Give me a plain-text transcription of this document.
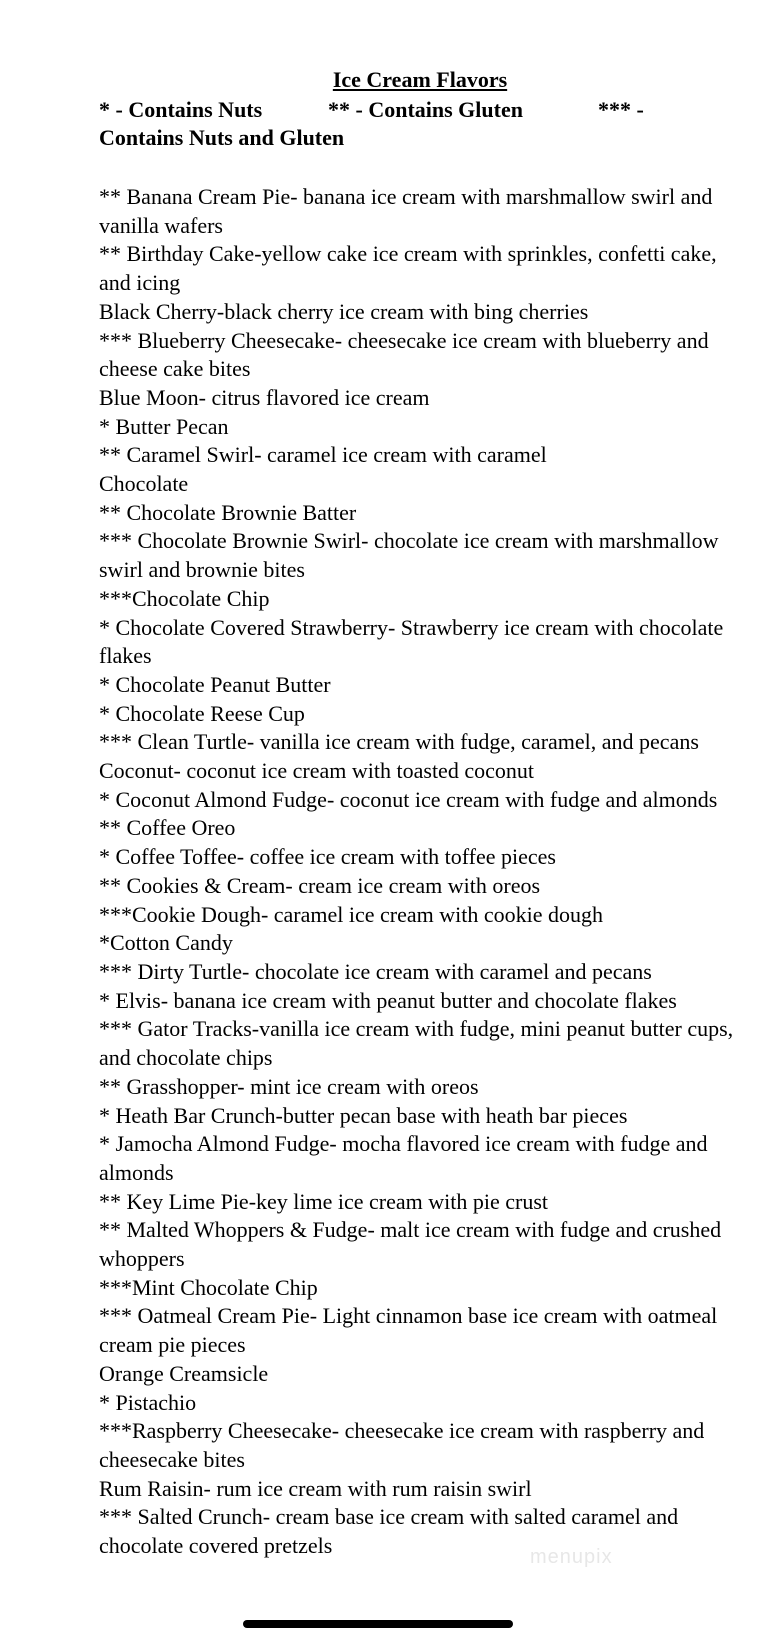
Ice Cream Flavors
* - Contains Nuts	** - Contains Gluten	*** -
Contains Nuts and Gluten
** Banana Cream Pie- banana ice cream with marshmallow swirl and vanilla wafers
** Birthday Cake-yellow cake ice cream with sprinkles, confetti cake, and icing
Black Cherry-black cherry ice cream with bing cherries
*** Blueberry Cheesecake- cheesecake ice cream with blueberry and cheese cake bites
Blue Moon- citrus flavored ice cream
* Butter Pecan
** Caramel Swirl- caramel ice cream with caramel
Chocolate
** Chocolate Brownie Batter
*** Chocolate Brownie Swirl- chocolate ice cream with marshmallow swirl and brownie bites
***Chocolate Chip
* Chocolate Covered Strawberry- Strawberry ice cream with chocolate flakes
* Chocolate Peanut Butter
* Chocolate Reese Cup
*** Clean Turtle- vanilla ice cream with fudge, caramel, and pecans
Coconut- coconut ice cream with toasted coconut
* Coconut Almond Fudge- coconut ice cream with fudge and almonds
** Coffee Oreo
* Coffee Toffee- coffee ice cream with toffee pieces
** Cookies & Cream- cream ice cream with oreos
***Cookie Dough- caramel ice cream with cookie dough
*Cotton Candy
*** Dirty Turtle- chocolate ice cream with caramel and pecans
* Elvis- banana ice cream with peanut butter and chocolate flakes
*** Gator Tracks-vanilla ice cream with fudge, mini peanut butter cups, and chocolate chips
** Grasshopper- mint ice cream with oreos
* Heath Bar Crunch-butter pecan base with heath bar pieces
* Jamocha Almond Fudge- mocha flavored ice cream with fudge and almonds
** Key Lime Pie-key lime ice cream with pie crust
** Malted Whoppers & Fudge- malt ice cream with fudge and crushed whoppers
***Mint Chocolate Chip
*** Oatmeal Cream Pie- Light cinnamon base ice cream with oatmeal cream pie pieces
Orange Creamsicle
* Pistachio
***Raspberry Cheesecake- cheesecake ice cream with raspberry and cheesecake bites
Rum Raisin- rum ice cream with rum raisin swirl
*** Salted Crunch- cream base ice cream with salted caramel and chocolate covered pretzels	menupix
